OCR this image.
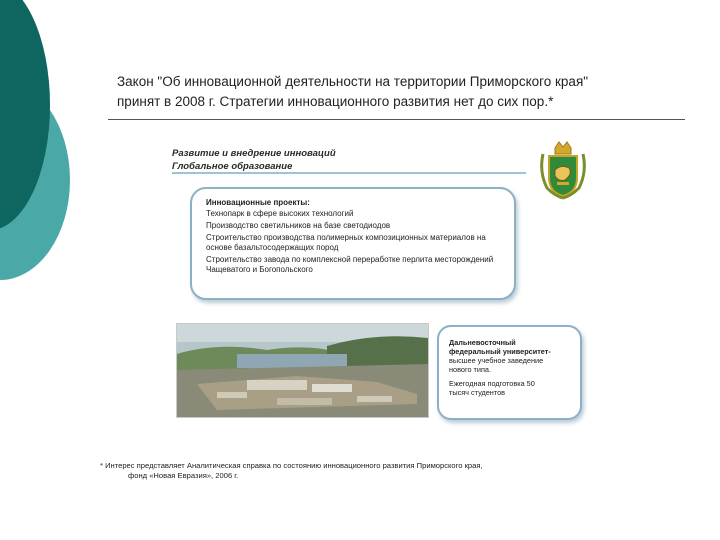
Закон "Об инновационной деятельности на территории Приморского края"
принят в 2008 г. Стратегии инновационного развития нет до сих пор.*
Развитие и внедрение инноваций
Глобальное образование
Инновационные проекты:
Технопарк в сфере высоких технологий
Производство светильников на базе светодиодов
Строительство производства полимерных композиционных материалов на основе базальтосодержащих пород
Строительство завода по комплексной переработке перлита месторождений Чащеватого и Богопольского
Дальневосточный
федеральный университет-
высшее учебное заведение
нового типа.
Ежегодная подготовка 50
тысяч студентов
* Интерес представляет Аналитическая справка по состоянию инновационного развития Приморского края,
фонд «Новая Евразия», 2006 г.
